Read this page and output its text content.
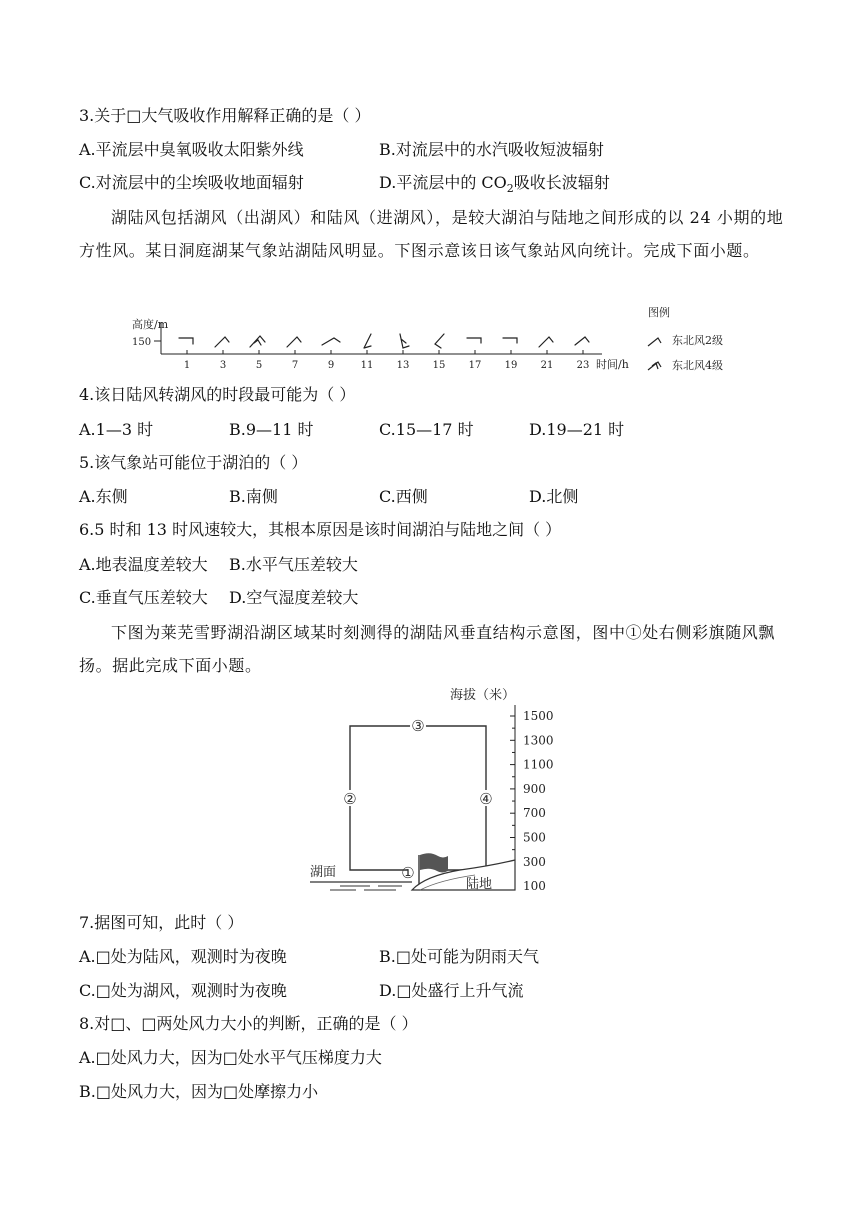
3.关于□大气吸收作用解释正确的是（ ）
A.平流层中臭氧吸收太阳紫外线	B.对流层中的水汽吸收短波辐射
C.对流层中的尘埃吸收地面辐射	D.平流层中的 $CO_2$吸收长波辐射
湖陆风包括湖风（出湖风）和陆风（进湖风），是较大湖泊与陆地之间形成的以 24 小期的地方性风。某日洞庭湖某气象站湖陆风明显。下图示意该日该气象站风向统计。完成下面小题。
高度/m
150
1	3	5	7	9	11 13 15 17 19 21 23 时间/h
图例
东北风2级
东北风4级
4.该日陆风转湖风的时段最可能为（ ）
A.1—3 时	B.9—11 时	C.15—17 时	D.19—21 时
5.该气象站可能位于湖泊的（ ）
A.东侧	B.南侧	C.西侧	D.北侧
6.5 时和 13 时风速较大，其根本原因是该时间湖泊与陆地之间（ ）
A.地表温度差较大 B.水平气压差较大
C.垂直气压差较大 D.空气湿度差较大
下图为莱芜雪野湖沿湖区域某时刻测得的湖陆风垂直结构示意图，图中①处右侧彩旗随风飘扬。据此完成下面小题。
海拔（米）
1500
1300
1100
900
700
500
300
100
③
②	④
①
湖面
陆地
7.据图可知，此时（ ）
A.□处为陆风，观测时为夜晚	B.□处可能为阴雨天气
C.□处为湖风，观测时为夜晚	D.□处盛行上升气流
8.对□、□两处风力大小的判断，正确的是（ ）
A.□处风力大，因为□处水平气压梯度力大
B.□处风力大，因为□处摩擦力小
